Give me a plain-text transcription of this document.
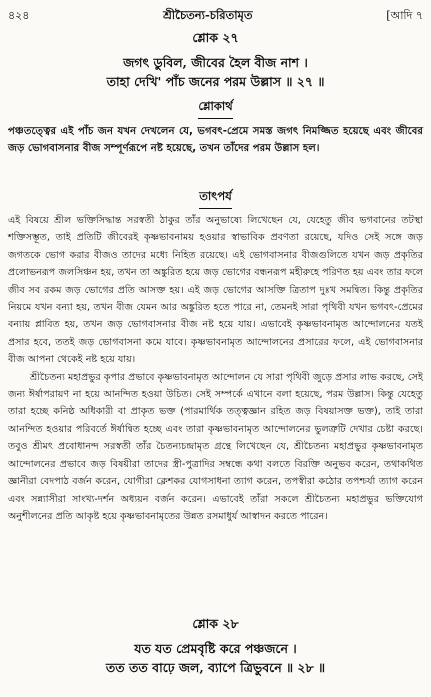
৪২৪	শ্রীচৈতন্য-চরিতামৃত	[আদি ৭
শ্লোক ২৭
জগৎ ডুবিল, জীবের হৈল বীজ নাশ ।
তাহা দেখি' পাঁচ জনের পরম উল্লাস ॥ ২৭ ॥
শ্লোকার্থ
পঞ্চতত্ত্বের এই পাঁচ জন যখন দেখলেন যে, ভগবৎ-প্রেমে সমস্ত জগৎ নিমজ্জিত হয়েছে এবং জীবের জড় ভোগবাসনার বীজ সম্পূর্ণরূপে নষ্ট হয়েছে, তখন তাঁদের পরম উল্লাস হল।
তাৎপর্য

এই বিষয়ে শ্রীল ভক্তিসিদ্ধান্ত সরস্বতী ঠাকুর তাঁর অনুভাষ্যে লিখেছেন যে, যেহেতু জীব ভগবানের তটস্থা শক্তিসম্ভূত, তাই প্রতিটি জীবেরই কৃষ্ণভাবনাময় হওয়ার স্বাভাবিক প্রবণতা রয়েছে, যদিও সেই সঙ্গে জড় জগতকে ভোগ করার বীজও তাদের মধ্যে নিহিত রয়েছে। এই ভোগবাসনার বীজগুলিতে যখন জড় প্রকৃতির প্রলোভনরূপ জলসিঞ্চন হয়, তখন তা অঙ্কুরিত হয়ে জড় ভোগের বন্ধনরূপ মহীরুহে পরিণত হয় এবং তার ফলে জীব সব রকম জড় ভোগের প্রতি আসক্ত হয়। এই জড় ভোগের আসক্তি ত্রিতাপ দুঃখ সমন্বিত। কিন্তু প্রকৃতির নিয়মে যখন বন্যা হয়, তখন বীজ যেমন আর অঙ্কুরিত হতে পারে না, তেমনই সারা পৃথিবী যখন ভগবৎ-প্রেমের বন্যায় প্লাবিত হয়, তখন জড় ভোগবাসনার বীজ নষ্ট হয়ে যায়। এভাবেই কৃষ্ণভাবনামৃত আন্দোলনের যতই প্রসার হবে, ততই জড় ভোগবাসনা কমে যাবে। কৃষ্ণভাবনামৃত আন্দোলনের প্রসারের ফলে, এই ভোগবাসনার বীজ আপনা থেকেই নষ্ট হয়ে যায়।

শ্রীচৈতন্য মহাপ্রভুর কৃপার প্রভাবে কৃষ্ণভাবনামৃত আন্দোলন যে সারা পৃথিবী জুড়ে প্রসার লাভ করছে, সেই জন্য ঈর্ষাপরায়ণ না হয়ে আনন্দিত হওয়া উচিত। সেই সম্পর্কে এখানে বলা হয়েছে, পরম উল্লাস। কিন্তু যেহেতু তারা হচ্ছে কনিষ্ঠ অধিকারী বা প্রাকৃত ভক্ত (পারমার্থিক তত্ত্বজ্ঞান রহিত জড় বিষয়াসক্ত ভক্ত), তাই তারা আনন্দিত হওয়ার পরিবর্তে ঈর্ষান্বিত হচ্ছে এবং তারা কৃষ্ণভাবনামৃত আন্দোলনের ভুলত্রুটি দেখার চেষ্টা করছে। তবুও শ্রীমৎ প্রবোধানন্দ সরস্বতী তাঁর চৈতন্যচন্দ্রামৃত গ্রন্থে লিখেছেন যে, শ্রীচৈতন্য মহাপ্রভুর কৃষ্ণভাবনামৃত আন্দোলনের প্রভাবে জড় বিষয়ীরা তাদের স্ত্রী-পুত্রাদির সম্বন্ধে কথা বলতে বিরক্তি অনুভব করেন, তথাকথিত জ্ঞানীরা বেদপাঠ বর্জন করেন, যোগীরা ক্লেশকর যোগসাধনা ত্যাগ করেন, তপস্বীরা কঠোর তপশ্চর্যা ত্যাগ করেন এবং সন্ন্যাসীরা সাংখ্য-দর্শন অধ্যয়ন বর্জন করেন। এভাবেই তাঁরা সকলে শ্রীচৈতন্য মহাপ্রভুর ভক্তিযোগ অনুশীলনের প্রতি আকৃষ্ট হয়ে কৃষ্ণভাবনামৃতের উন্নত রসমাধুর্য আস্বাদন করতে পারেন।

শ্লোক ২৮
যত যত প্রেমবৃষ্টি করে পঞ্চজনে ।
তত তত বাঢ়ে জল, ব্যাপে ত্রিভুবনে ॥ ২৮ ॥
